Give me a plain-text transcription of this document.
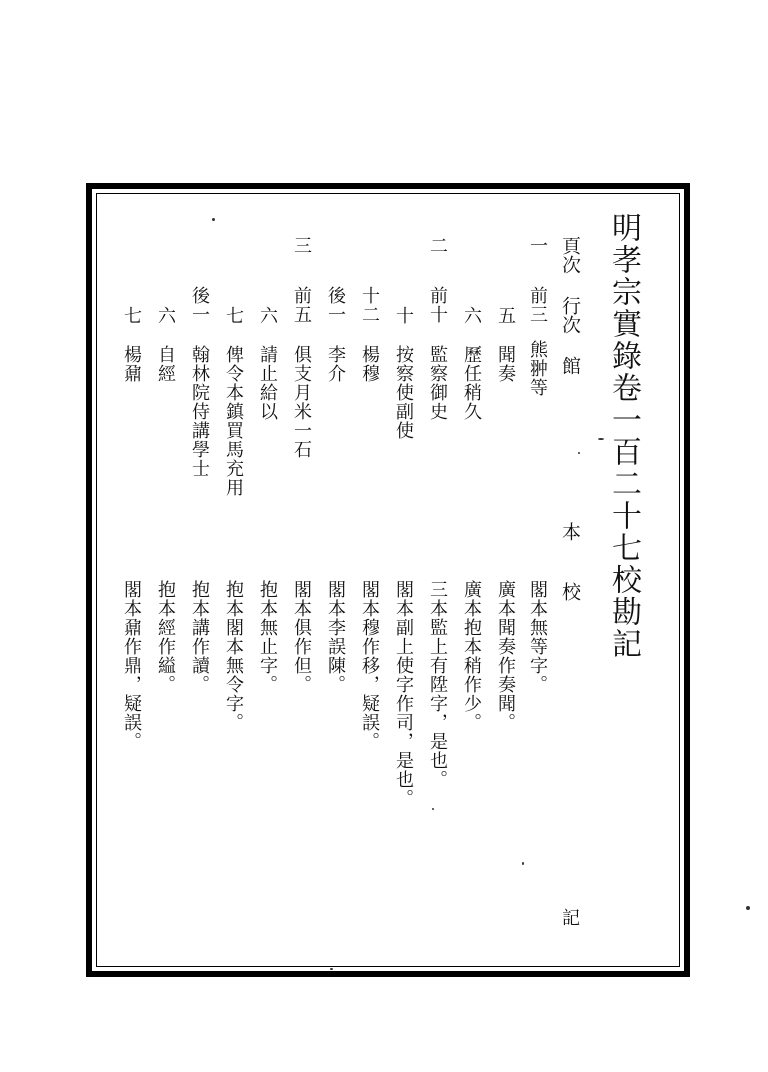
明孝宗實錄卷一百二十七校勘記
頁次
行次
館
本
校
一
前三
熊翀等
閣本無等字。
五
聞奏
廣本聞奏作奏聞。
六
歷任稍久
廣本抱本稍作少。
二
前十
監察御史
三本監上有陞字，是也。
十
按察使副使
閣本副上使字作司，是也。
十二
楊穆
閣本穆作移，疑誤。
後一
李介
閣本李誤陳。
三
前五
俱支月米一石
閣本俱作但。
六
請止給以
抱本無止字。
七
俾令本鎮買馬充用
抱本閣本無令字。
後一
翰林院侍講學士
抱本講作讀。
六
自經
抱本經作縊。
七
楊鼐
閣本鼐作鼎，疑誤。
記
